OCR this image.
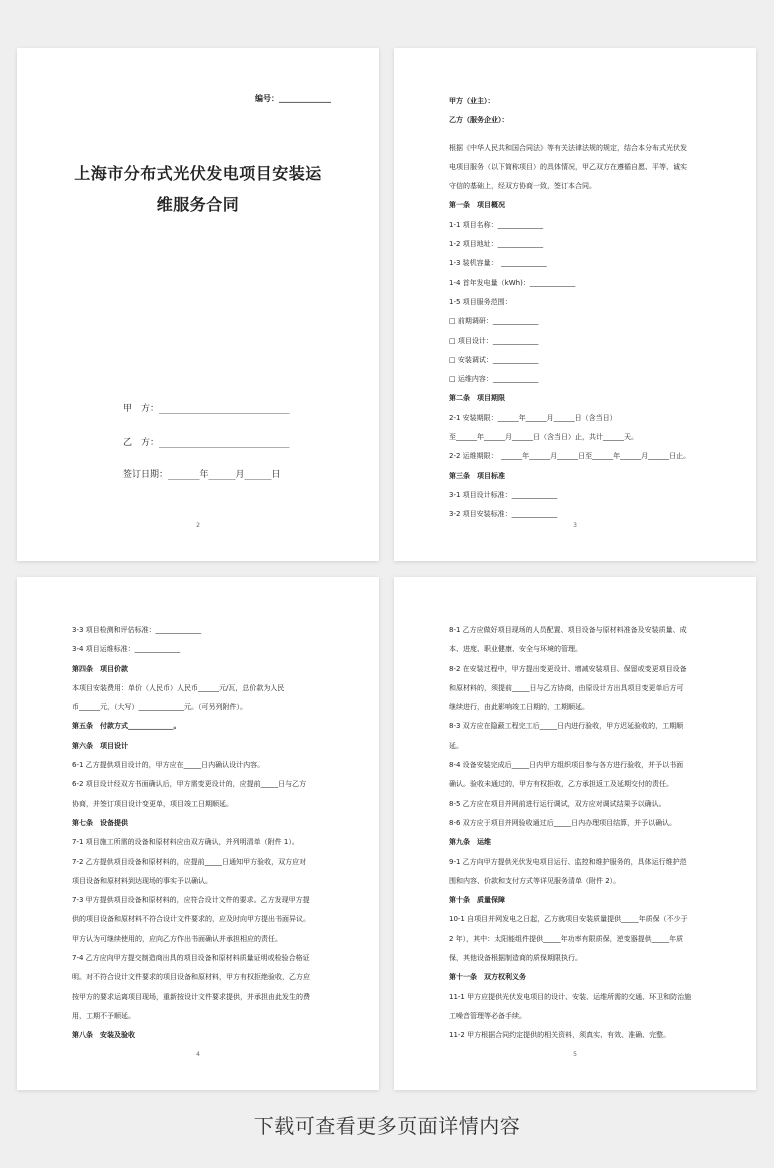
编号：_____________
上海市分布式光伏发电项目安装运
维服务合同
甲　方：_____________________________
乙　方：_____________________________
签订日期：_______年______月______日
2
甲方（业主）：
乙方（服务企业）：
根据《中华人民共和国合同法》等有关法律法规的规定，结合本分布式光伏发
电项目服务（以下简称项目）的具体情况，甲乙双方在遵循自愿、平等、诚实
守信的基础上，经双方协商一致，签订本合同。
第一条　项目概况
1-1 项目名称：_____________
1-2 项目地址：_____________
1-3 装机容量：　_____________
1-4 首年发电量（kWh)：_____________
1-5 项目服务范围：
□ 前期调研：_____________
□ 项目设计：_____________
□ 安装调试：_____________
□ 运维内容：_____________
第二条　项目期限
2-1 安装期限：______年______月______日（含当日）
至______年______月______日（含当日）止，共计______天。
2-2 运维期限：　______年______月______日至______年______月______日止。
第三条　项目标准
3-1 项目设计标准：_____________
3-2 项目安装标准：_____________
3
3-3 项目检测和评估标准：_____________
3-4 项目运维标准：_____________
第四条　项目价款
本项目安装费用：单价（人民币）人民币______元/瓦，总价款为人民
币______元，（大写）_____________元。（可另列附件）。
第五条　付款方式_____________。
第六条　项目设计
6-1 乙方提供项目设计的，甲方应在_____日内确认设计内容。
6-2 项目设计经双方书面确认后，甲方需变更设计的，应提前_____日与乙方
协商，并签订项目设计变更单，项目竣工日期顺延。
第七条　设备提供
7-1 项目施工所需的设备和原材料应由双方确认，并列明清单（附件 1）。
7-2 乙方提供项目设备和原材料的，应提前_____日通知甲方验收，双方应对
项目设备和原材料到达现场的事实予以确认。
7-3 甲方提供项目设备和原材料的，应符合设计文件的要求。乙方发现甲方提
供的项目设备和原材料不符合设计文件要求的，应及时向甲方提出书面异议。
甲方认为可继续使用的，应向乙方作出书面确认并承担相应的责任。
7-4 乙方应向甲方提交制造商出具的项目设备和原材料质量证明或检验合格证
明。对不符合设计文件要求的项目设备和原材料，甲方有权拒绝验收，乙方应
按甲方的要求运离项目现场，重新按设计文件要求提供，并承担由此发生的费
用，工期不予顺延。
第八条　安装及验收
4
8-1 乙方应做好项目现场的人员配置、项目设备与原材料准备及安装质量、成
本、进度、职业健康、安全与环境的管理。
8-2 在安装过程中，甲方提出变更设计、增减安装项目、保留或变更项目设备
和原材料的，须提前_____日与乙方协商，由原设计方出具项目变更单后方可
继续进行，由此影响竣工日期的，工期顺延。
8-3 双方应在隐蔽工程完工后_____日内进行验收，甲方迟延验收的，工期顺
延。
8-4 设备安装完成后_____日内甲方组织项目参与各方进行验收，并予以书面
确认。验收未通过的，甲方有权拒收，乙方承担返工及延期交付的责任。
8-5 乙方应在项目并网前进行运行调试，双方应对调试结果予以确认。
8-6 双方应于项目并网验收通过后_____日内办理项目结算，并予以确认。
第九条　运维
9-1 乙方向甲方提供光伏发电项目运行、监控和维护服务的，具体运行维护范
围和内容、价款和支付方式等详见服务清单（附件 2）。
第十条　质量保障
10-1 自项目并网发电之日起，乙方就项目安装质量提供_____年质保（不少于
2 年），其中：太阳能组件提供_____年功率有限质保，逆变器提供_____年质
保，其他设备根据制造商的质保期限执行。
第十一条　双方权利义务
11-1 甲方应提供光伏发电项目的设计、安装、运维所需的交通、环卫和防治施
工噪音管理等必备手续。
11-2 甲方根据合同约定提供的相关资料，须真实、有效、准确、完整。
5
下载可查看更多页面详情内容
